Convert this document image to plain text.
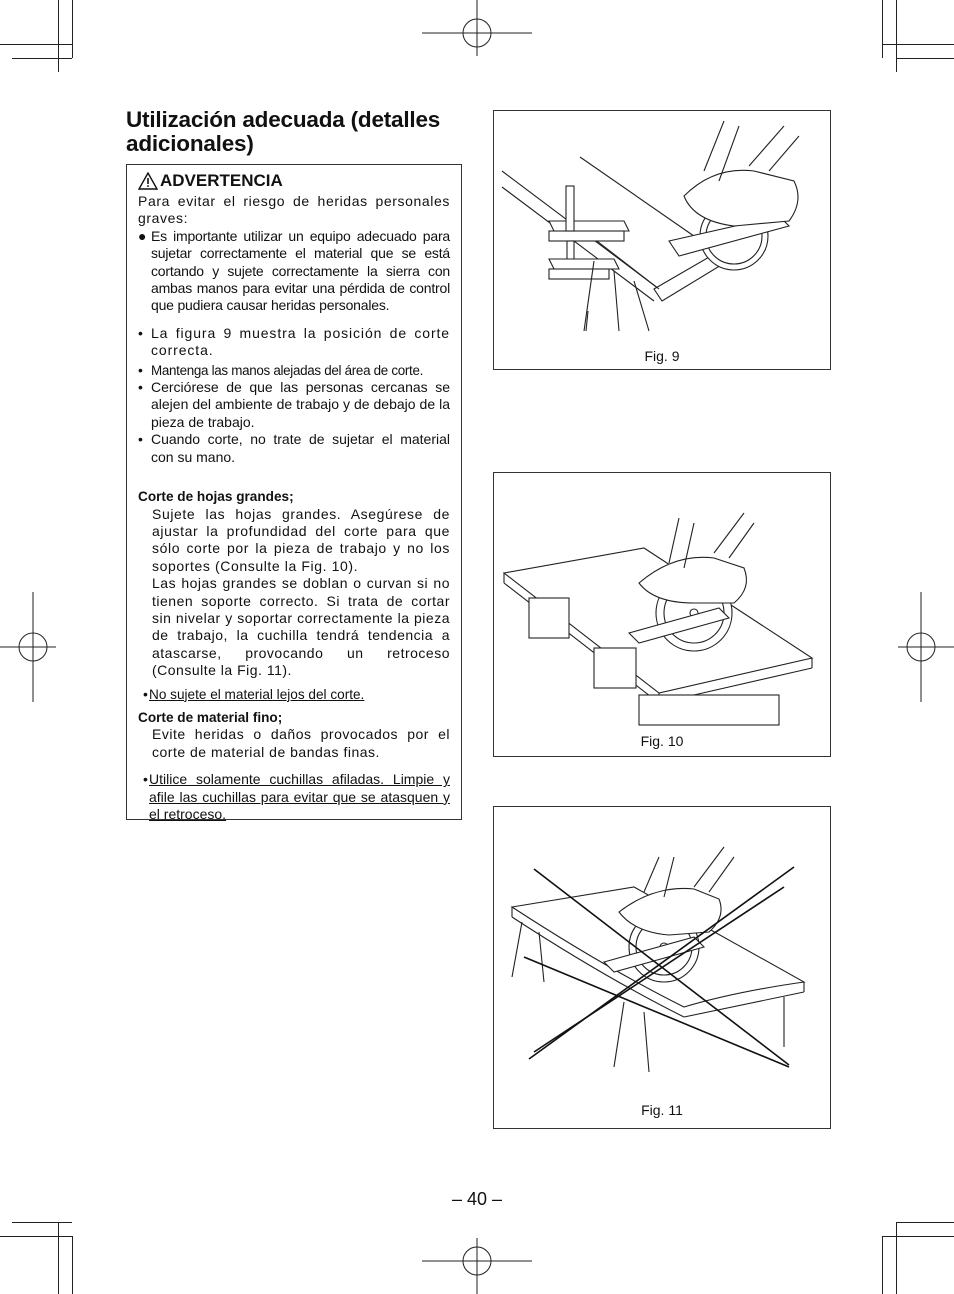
Utilización adecuada (detalles adicionales)
ADVERTENCIA

Para evitar el riesgo de heridas personales graves:

● Es importante utilizar un equipo adecuado para sujetar correctamente el material que se está cortando y sujete correctamente la sierra con ambas manos para evitar una pérdida de control que pudiera causar heridas personales.
• La figura 9 muestra la posición de corte correcta.
• Mantenga las manos alejadas del área de corte.
• Cerciórese de que las personas cercanas se alejen del ambiente de trabajo y de debajo de la pieza de trabajo.
• Cuando corte, no trate de sujetar el material con su mano.

Corte de hojas grandes;

Sujete las hojas grandes. Asegúrese de ajustar la profundidad del corte para que sólo corte por la pieza de trabajo y no los soportes (Consulte la Fig. 10).

Las hojas grandes se doblan o curvan si no tienen soporte correcto. Si trata de cortar sin nivelar y soportar correctamente la pieza de trabajo, la cuchilla tendrá tendencia a atascarse, provocando un retroceso (Consulte la Fig. 11).

• No sujete el material lejos del corte.

Corte de material fino;

Evite heridas o daños provocados por el corte de material de bandas finas.

• Utilice solamente cuchillas afiladas. Limpie y afile las cuchillas para evitar que se atasquen y el retroceso.
Fig. 9
Fig. 10
Fig. 11
– 40 –
